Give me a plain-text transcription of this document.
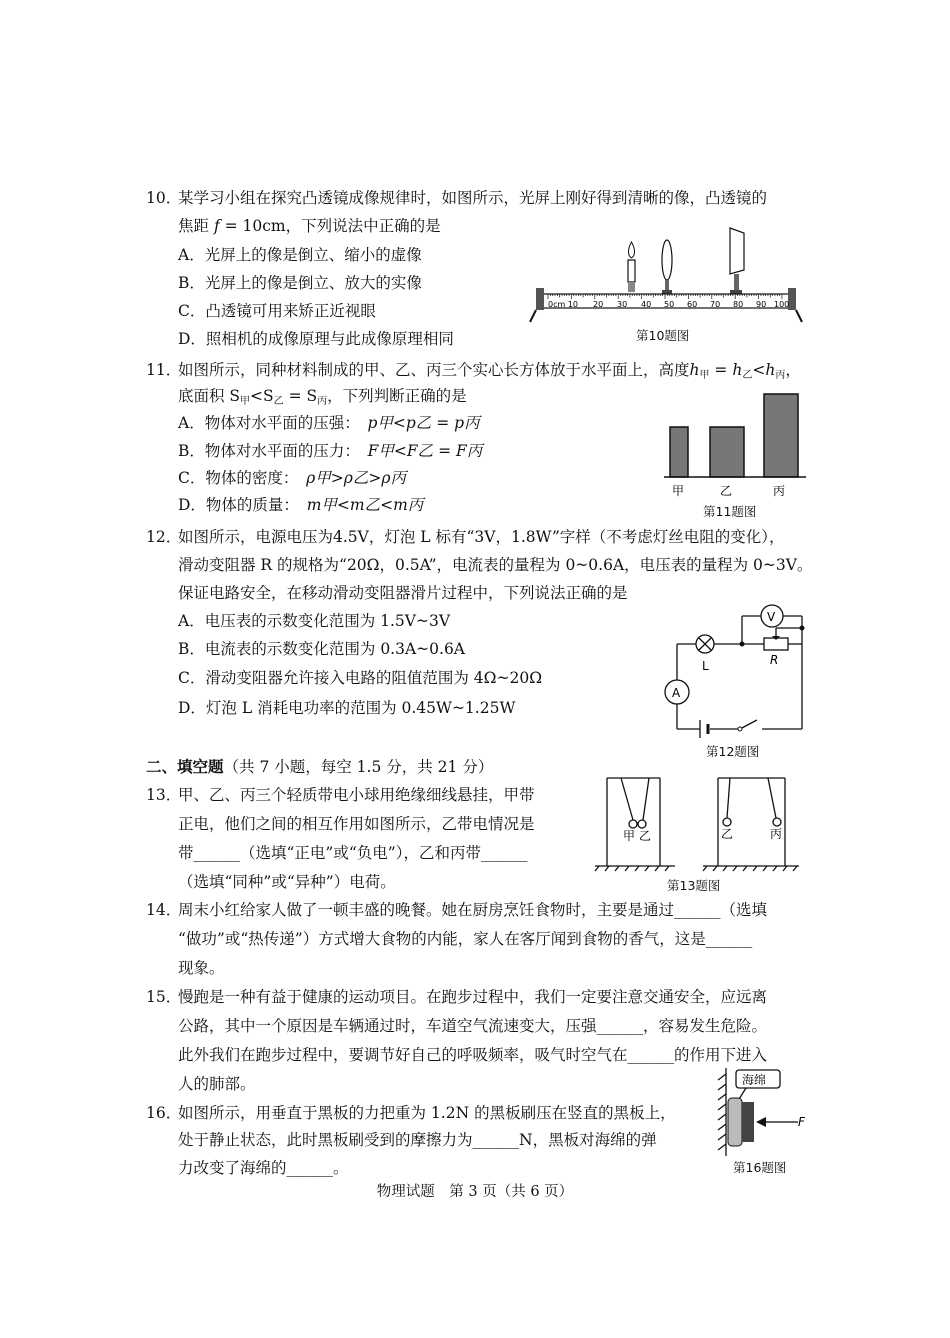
10．某学习小组在探究凸透镜成像规律时，如图所示，光屏上刚好得到清晰的像，凸透镜的
焦距 f = 10cm，下列说法中正确的是
A．光屏上的像是倒立、缩小的虚像
B．光屏上的像是倒立、放大的实像
C．凸透镜可用来矫正近视眼
D．照相机的成像原理与此成像原理相同
0cm 10 20 30 40 50 60 70 80 90 100
第10题图
11．如图所示，同种材料制成的甲、乙、丙三个实心长方体放于水平面上，高度$h_甲 = h_乙<h_丙$，
底面积 $S_甲<S_乙 = S_丙$，下列判断正确的是
A．物体对水平面的压强：　 p甲<p乙 = p丙
B．物体对水平面的压力：　 F甲<F乙 = F丙
C．物体的密度：　 ρ甲>ρ乙>ρ丙
D．物体的质量：　 m甲<m乙<m丙
甲	乙	丙
第11题图
12．如图所示，电源电压为4.5V，灯泡 L 标有“3V，1.8W”字样（不考虑灯丝电阻的变化），
滑动变阻器 R 的规格为“20Ω，0.5A”，电流表的量程为 0~0.6A，电压表的量程为 0~3V。
保证电路安全，在移动滑动变阻器滑片过程中，下列说法正确的是
A．电压表的示数变化范围为 1.5V~3V
B．电流表的示数变化范围为 0.3A~0.6A
C．滑动变阻器允许接入电路的阻值范围为 4Ω~20Ω
D．灯泡 L 消耗电功率的范围为 0.45W~1.25W
V
A
L	R
第12题图
二、填空题（共 7 小题，每空 1.5 分，共 21 分）
13．甲、乙、丙三个轻质带电小球用绝缘细线悬挂，甲带
正电，他们之间的相互作用如图所示，乙带电情况是
带______（选填“正电”或“负电”），乙和丙带______
（选填“同种”或“异种”）电荷。
甲 乙	乙	丙
第13题图
14．周末小红给家人做了一顿丰盛的晚餐。她在厨房烹饪食物时，主要是通过______（选填
“做功”或“热传递”）方式增大食物的内能，家人在客厅闻到食物的香气，这是______
现象。
15．慢跑是一种有益于健康的运动项目。在跑步过程中，我们一定要注意交通安全，应远离
公路，其中一个原因是车辆通过时，车道空气流速变大，压强______，容易发生危险。
此外我们在跑步过程中，要调节好自己的呼吸频率，吸气时空气在______的作用下进入
人的肺部。
16．如图所示，用垂直于黑板的力把重为 1.2N 的黑板刷压在竖直的黑板上，
处于静止状态，此时黑板刷受到的摩擦力为______N，黑板对海绵的弹
力改变了海绵的______。
海绵
F
第16题图
物理试题　第 3 页（共 6 页）
